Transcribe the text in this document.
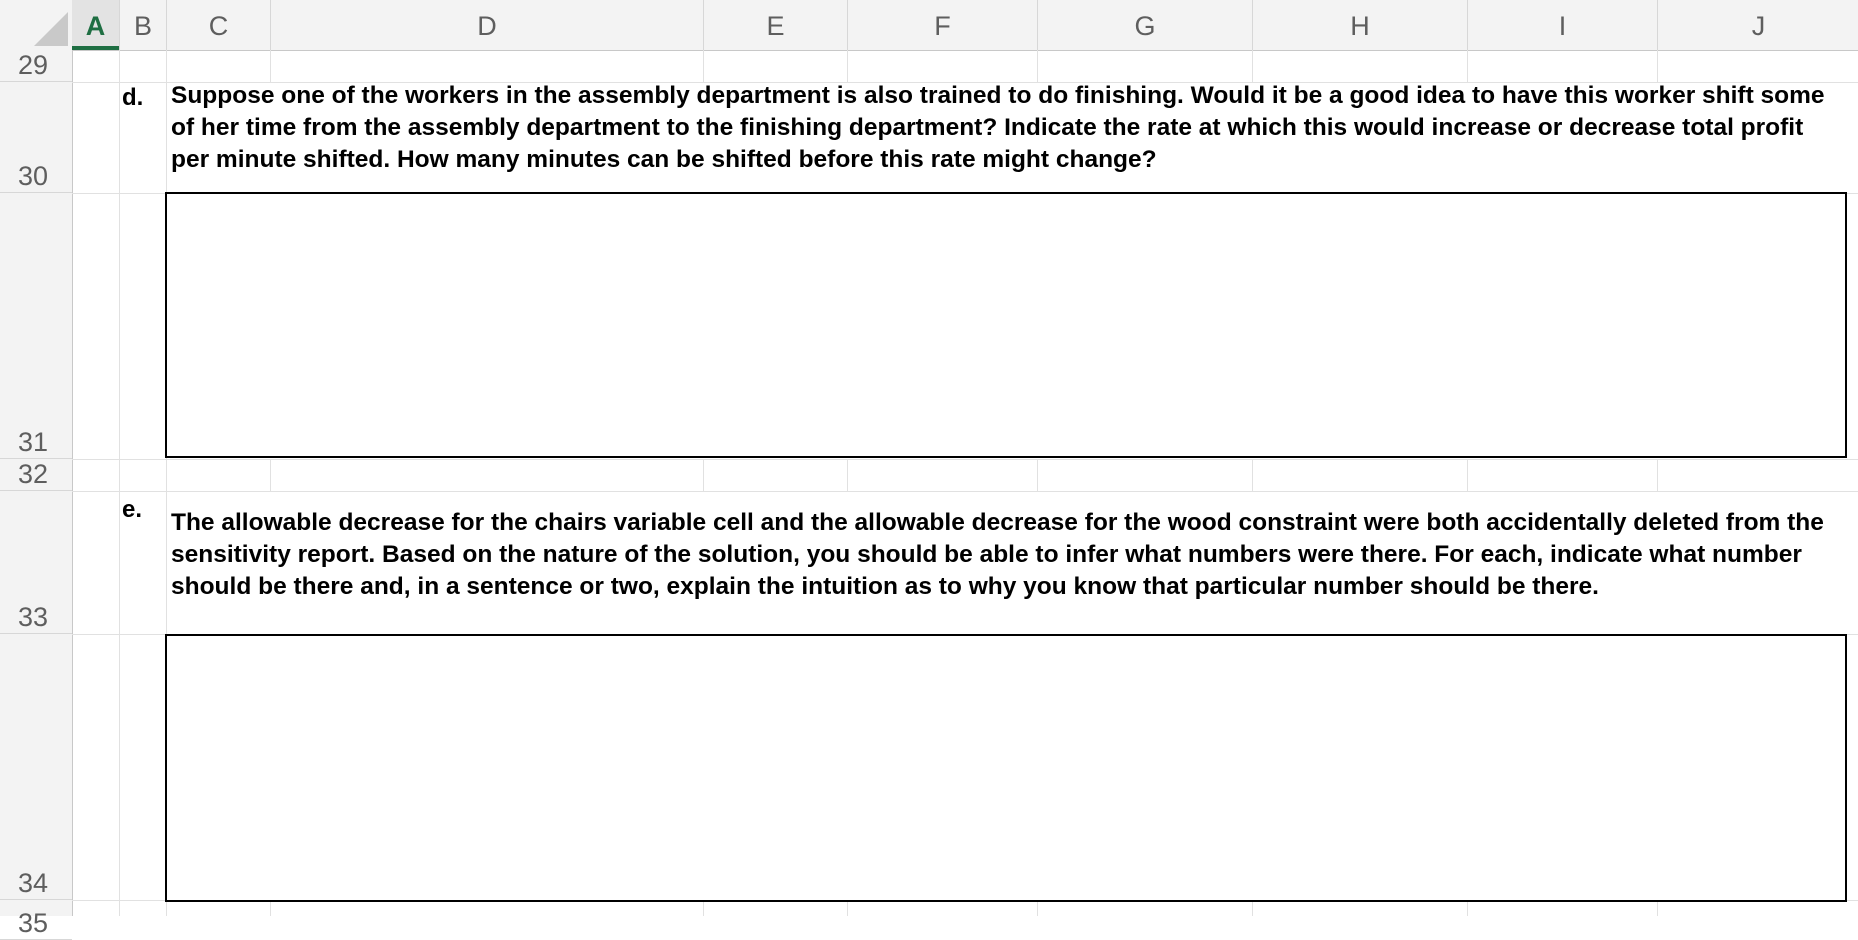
A	B	C	D	E	F	G	H	I	J
29
30
31
32
33
34
35
d. Suppose one of the workers in the assembly department is also trained to do finishing. Would it be a good idea to have this worker shift some of her time from the assembly department to the finishing department? Indicate the rate at which this would increase or decrease total profit per minute shifted. How many minutes can be shifted before this rate might change?

e. The allowable decrease for the chairs variable cell and the allowable decrease for the wood constraint were both accidentally deleted from the sensitivity report. Based on the nature of the solution, you should be able to infer what numbers were there. For each, indicate what number should be there and, in a sentence or two, explain the intuition as to why you know that particular number should be there.
